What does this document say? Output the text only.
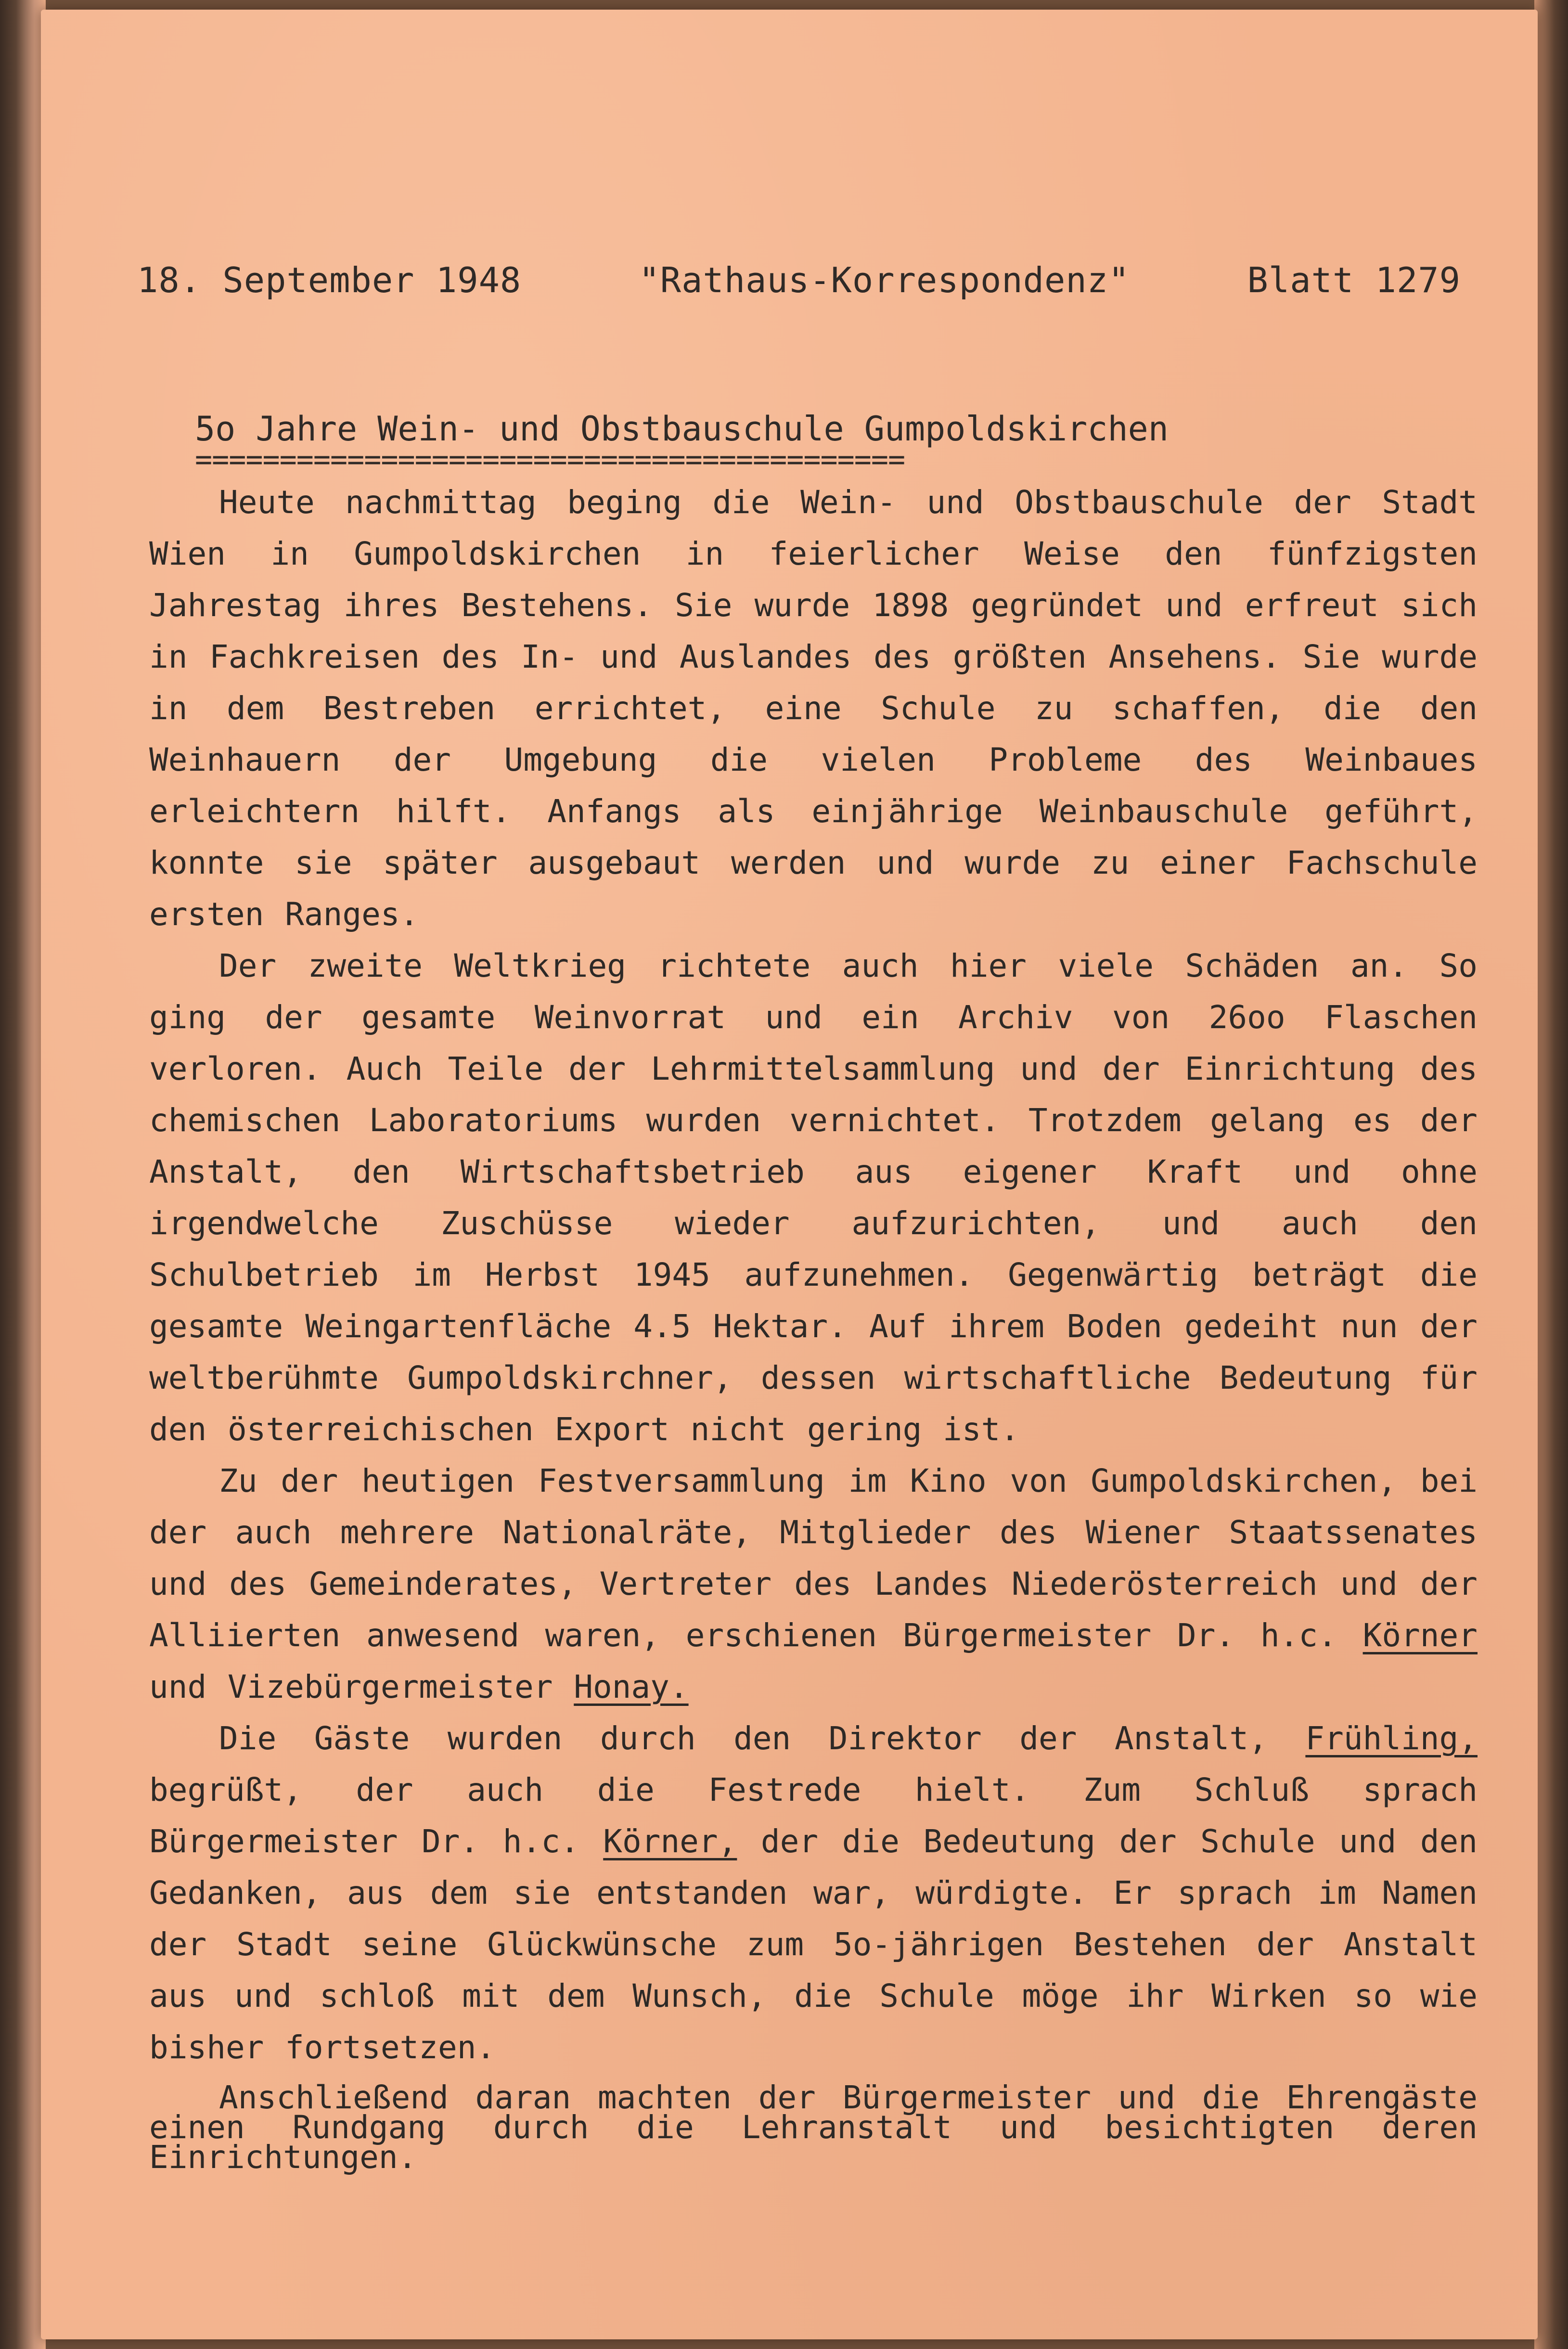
18. September 1948	"Rathaus-Korrespondenz"	Blatt 1279
5o Jahre Wein- und Obstbauschule Gumpoldskirchen
==========================================

Heute nachmittag beging die Wein- und Obstbauschule der Stadt Wien in Gumpoldskirchen in feierlicher Weise den fünfzigsten Jahrestag ihres Bestehens. Sie wurde 1898 gegründet und erfreut sich in Fachkreisen des In- und Auslandes des größten Ansehens. Sie wurde in dem Bestreben errichtet, eine Schule zu schaffen, die den Weinhauern der Umgebung die vielen Probleme des Weinbaues erleichtern hilft. Anfangs als einjährige Weinbauschule geführt, konnte sie später ausgebaut werden und wurde zu einer Fachschule ersten Ranges.

Der zweite Weltkrieg richtete auch hier viele Schäden an. So ging der gesamte Weinvorrat und ein Archiv von 26oo Flaschen verloren. Auch Teile der Lehrmittelsammlung und der Einrichtung des chemischen Laboratoriums wurden vernichtet. Trotzdem gelang es der Anstalt, den Wirtschaftsbetrieb aus eigener Kraft und ohne irgendwelche Zuschüsse wieder aufzurichten, und auch den Schulbetrieb im Herbst 1945 aufzunehmen. Gegenwärtig beträgt die gesamte Weingartenfläche 4.5 Hektar. Auf ihrem Boden gedeiht nun der weltberühmte Gumpoldskirchner, dessen wirtschaftliche Bedeutung für den österreichischen Export nicht gering ist.

Zu der heutigen Festversammlung im Kino von Gumpoldskirchen, bei der auch mehrere Nationalräte, Mitglieder des Wiener Staatssenates und des Gemeinderates, Vertreter des Landes Niederösterreich und der Alliierten anwesend waren, erschienen Bürgermeister Dr. h.c. Körner und Vizebürgermeister Honay.

Die Gäste wurden durch den Direktor der Anstalt, Frühling, begrüßt, der auch die Festrede hielt. Zum Schluß sprach Bürgermeister Dr. h.c. Körner, der die Bedeutung der Schule und den Gedanken, aus dem sie entstanden war, würdigte. Er sprach im Namen der Stadt seine Glückwünsche zum 5o-jährigen Bestehen der Anstalt aus und schloß mit dem Wunsch, die Schule möge ihr Wirken so wie bisher fortsetzen.

Anschließend daran machten der Bürgermeister und die Ehrengäste einen Rundgang durch die Lehranstalt und besichtigten deren Einrichtungen.
